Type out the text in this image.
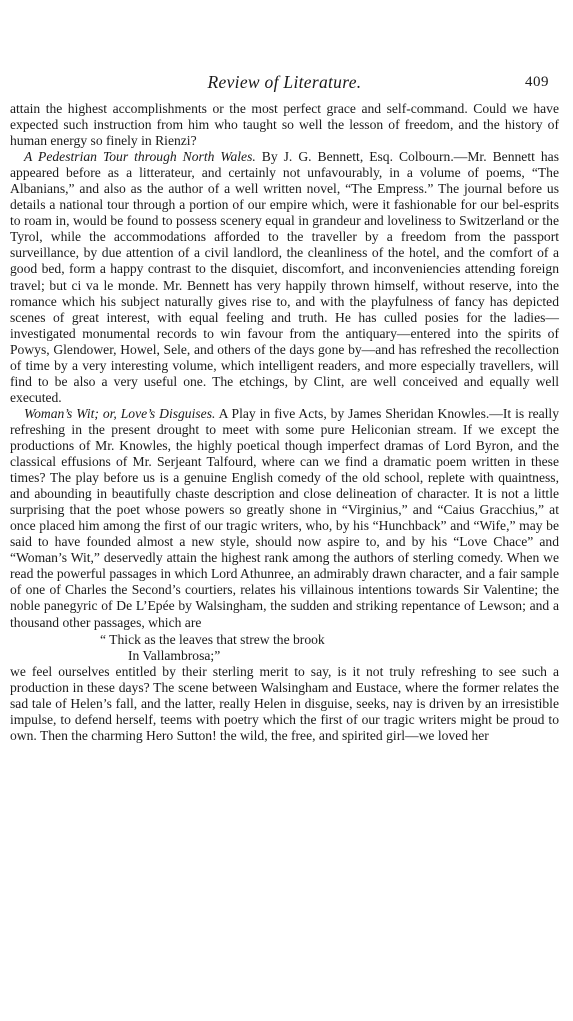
Review of Literature.	409

attain the highest accomplishments or the most perfect grace and self-command. Could we have expected such instruction from him who taught so well the lesson of freedom, and the history of human energy so finely in Rienzi?

A Pedestrian Tour through North Wales. By J. G. Bennett, Esq. Colbourn.—Mr. Bennett has appeared before as a litterateur, and certainly not unfavourably, in a volume of poems, “The Albanians,” and also as the author of a well written novel, “The Empress.” The journal before us details a national tour through a portion of our empire which, were it fashionable for our bel-esprits to roam in, would be found to possess scenery equal in grandeur and loveliness to Switzerland or the Tyrol, while the accommodations afforded to the traveller by a freedom from the passport surveillance, by due attention of a civil landlord, the cleanliness of the hotel, and the comfort of a good bed, form a happy contrast to the disquiet, discomfort, and inconveniencies attending foreign travel; but ci va le monde. Mr. Bennett has very happily thrown himself, without reserve, into the romance which his subject naturally gives rise to, and with the playfulness of fancy has depicted scenes of great interest, with equal feeling and truth. He has culled posies for the ladies—investigated monumental records to win favour from the antiquary—entered into the spirits of Powys, Glendower, Howel, Sele, and others of the days gone by—and has refreshed the recollection of time by a very interesting volume, which intelligent readers, and more especially travellers, will find to be also a very useful one. The etchings, by Clint, are well conceived and equally well executed.

Woman’s Wit; or, Love’s Disguises. A Play in five Acts, by James Sheridan Knowles.—It is really refreshing in the present drought to meet with some pure Heliconian stream. If we except the productions of Mr. Knowles, the highly poetical though imperfect dramas of Lord Byron, and the classical effusions of Mr. Serjeant Talfourd, where can we find a dramatic poem written in these times? The play before us is a genuine English comedy of the old school, replete with quaintness, and abounding in beautifully chaste description and close delineation of character. It is not a little surprising that the poet whose powers so greatly shone in “Virginius,” and “Caius Gracchius,” at once placed him among the first of our tragic writers, who, by his “Hunchback” and “Wife,” may be said to have founded almost a new style, should now aspire to, and by his “Love Chace” and “Woman’s Wit,” deservedly attain the highest rank among the authors of sterling comedy. When we read the powerful passages in which Lord Athunree, an admirably drawn character, and a fair sample of one of Charles the Second’s courtiers, relates his villainous intentions towards Sir Valentine; the noble panegyric of De L’Epée by Walsingham, the sudden and striking repentance of Lewson; and a thousand other passages, which are

“ Thick as the leaves that strew the brook
In Vallambrosa;”

we feel ourselves entitled by their sterling merit to say, is it not truly refreshing to see such a production in these days? The scene between Walsingham and Eustace, where the former relates the sad tale of Helen’s fall, and the latter, really Helen in disguise, seeks, nay is driven by an irresistible impulse, to defend herself, teems with poetry which the first of our tragic writers might be proud to own. Then the charming Hero Sutton! the wild, the free, and spirited girl—we loved her
